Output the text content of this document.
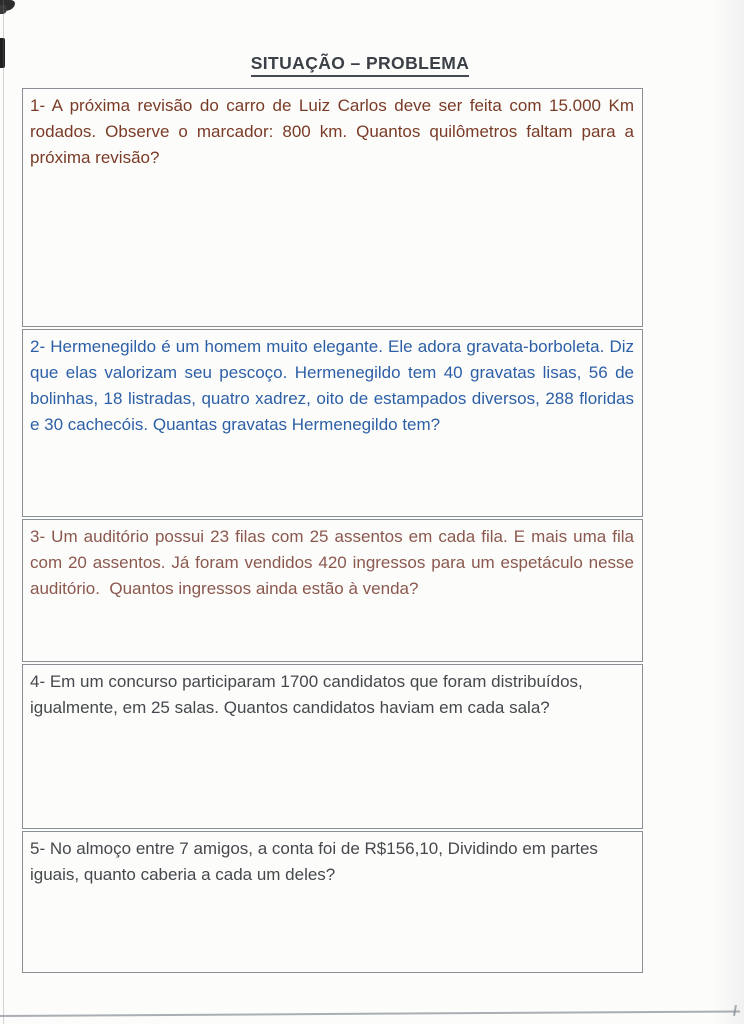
SITUAÇÃO – PROBLEMA
1- A próxima revisão do carro de Luiz Carlos deve ser feita com 15.000 Km rodados. Observe o marcador: 800 km. Quantos quilômetros faltam para a próxima revisão?
2- Hermenegildo é um homem muito elegante. Ele adora gravata-borboleta. Diz que elas valorizam seu pescoço. Hermenegildo tem 40 gravatas lisas, 56 de bolinhas, 18 listradas, quatro xadrez, oito de estampados diversos, 288 floridas e 30 cachecóis. Quantas gravatas Hermenegildo tem?
3- Um auditório possui 23 filas com 25 assentos em cada fila. E mais uma fila com 20 assentos. Já foram vendidos 420 ingressos para um espetáculo nesse auditório.  Quantos ingressos ainda estão à venda?
4- Em um concurso participaram 1700 candidatos que foram distribuídos, igualmente, em 25 salas. Quantos candidatos haviam em cada sala?
5- No almoço entre 7 amigos, a conta foi de R$156,10, Dividindo em partes iguais, quanto caberia a cada um deles?
